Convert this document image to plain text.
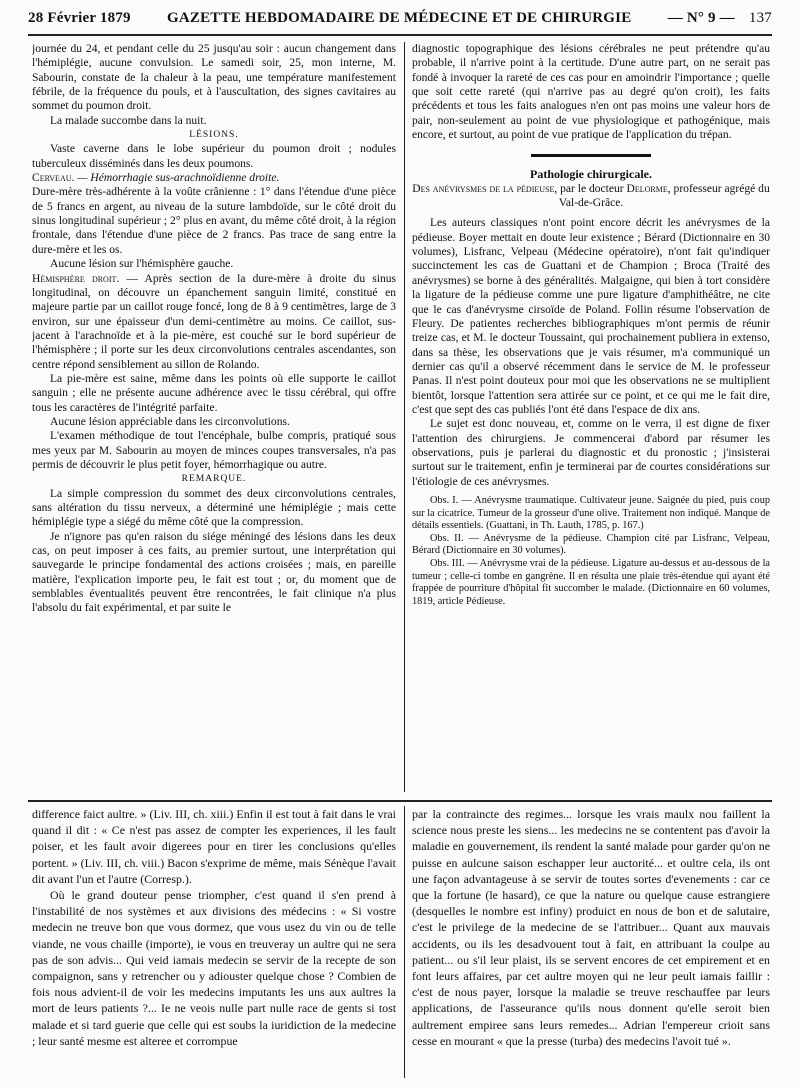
28 Février 1879 GAZETTE HEBDOMADAIRE DE MÉDECINE ET DE CHIRURGIE — N° 9 — 137

journée du 24, et pendant celle du 25 jusqu'au soir : aucun changement dans l'hémiplégie, aucune convulsion. Le samedi soir, 25, mon interne, M. Sabourin, constate de la chaleur à la peau, une température manifestement fébrile, de la fréquence du pouls, et à l'auscultation, des signes cavitaires au sommet du poumon droit.

La malade succombe dans la nuit.

LÉSIONS.

Vaste caverne dans le lobe supérieur du poumon droit ; nodules tuberculeux disséminés dans les deux poumons.

Cerveau. — Hémorrhagie sus-arachnoïdienne droite.

Dure-mère très-adhérente à la voûte crânienne : 1° dans l'étendue d'une pièce de 5 francs en argent, au niveau de la suture lambdoïde, sur le côté droit du sinus longitudinal supérieur ; 2° plus en avant, du même côté droit, à la région frontale, dans l'étendue d'une pièce de 2 francs. Pas trace de sang entre la dure-mère et les os.

Aucune lésion sur l'hémisphère gauche.

Hémisphère droit. — Après section de la dure-mère à droite du sinus longitudinal, on découvre un épanchement sanguin limité, constitué en majeure partie par un caillot rouge foncé, long de 8 à 9 centimètres, large de 3 environ, sur une épaisseur d'un demi-centimètre au moins. Ce caillot, sus-jacent à l'arachnoïde et à la pie-mère, est couché sur le bord supérieur de l'hémisphère ; il porte sur les deux circonvolutions centrales ascendantes, son centre répond sensiblement au sillon de Rolando.

La pie-mère est saine, même dans les points où elle supporte le caillot sanguin ; elle ne présente aucune adhérence avec le tissu cérébral, qui offre tous les caractères de l'intégrité parfaite.

Aucune lésion appréciable dans les circonvolutions.

L'examen méthodique de tout l'encéphale, bulbe compris, pratiqué sous mes yeux par M. Sabourin au moyen de minces coupes transversales, n'a pas permis de découvrir le plus petit foyer, hémorrhagique ou autre.

REMARQUE.

La simple compression du sommet des deux circonvolutions centrales, sans altération du tissu nerveux, a déterminé une hémiplégie ; mais cette hémiplégie type a siégé du même côté que la compression.

Je n'ignore pas qu'en raison du siége méningé des lésions dans les deux cas, on peut imposer à ces faits, au premier surtout, une interprétation qui sauvegarde le principe fondamental des actions croisées ; mais, en pareille matière, l'explication importe peu, le fait est tout ; or, du moment que de semblables éventualités peuvent être rencontrées, le fait clinique n'a plus l'absolu du fait expérimental, et par suite le

diagnostic topographique des lésions cérébrales ne peut prétendre qu'au probable, il n'arrive point à la certitude. D'une autre part, on ne serait pas fondé à invoquer la rareté de ces cas pour en amoindrir l'importance ; quelle que soit cette rareté (qui n'arrive pas au degré qu'on croit), les faits précédents et tous les faits analogues n'en ont pas moins une valeur hors de pair, non-seulement au point de vue physiologique et pathogénique, mais encore, et surtout, au point de vue pratique de l'application du trépan.

Pathologie chirurgicale.

Des anévrysmes de la pédieuse, par le docteur Delorme, professeur agrégé du Val-de-Grâce.

Les auteurs classiques n'ont point encore décrit les anévrysmes de la pédieuse. Boyer mettait en doute leur existence ; Bérard (Dictionnaire en 30 volumes), Lisfranc, Velpeau (Médecine opératoire), n'ont fait qu'indiquer succinctement les cas de Guattani et de Champion ; Broca (Traité des anévrysmes) se borne à des généralités. Malgaigne, qui bien à tort considère la ligature de la pédieuse comme une pure ligature d'amphithéâtre, ne cite que le cas d'anévrysme cirsoïde de Poland. Follin résume l'observation de Fleury. De patientes recherches bibliographiques m'ont permis de réunir treize cas, et M. le docteur Toussaint, qui prochainement publiera in extenso, dans sa thèse, les observations que je vais résumer, m'a communiqué un dernier cas qu'il a observé récemment dans le service de M. le professeur Panas. Il n'est point douteux pour moi que les observations ne se multiplient bientôt, lorsque l'attention sera attirée sur ce point, et ce qui me le fait dire, c'est que sept des cas publiés l'ont été dans l'espace de dix ans.

Le sujet est donc nouveau, et, comme on le verra, il est digne de fixer l'attention des chirurgiens. Je commencerai d'abord par résumer les observations, puis je parlerai du diagnostic et du pronostic ; j'insisterai surtout sur le traitement, enfin je terminerai par de courtes considérations sur l'étiologie de ces anévrysmes.

Obs. I. — Anévrysme traumatique. Cultivateur jeune. Saignée du pied, puis coup sur la cicatrice. Tumeur de la grosseur d'une olive. Traitement non indiqué. Manque de détails essentiels. (Guattani, in Th. Lauth, 1785, p. 167.)

Obs. II. — Anévrysme de la pédieuse. Champion cité par Lisfranc, Velpeau, Bérard (Dictionnaire en 30 volumes).

Obs. III. — Anévrysme vrai de la pédieuse. Ligature au-dessus et au-dessous de la tumeur ; celle-ci tombe en gangrène. Il en résulta une plaie très-étendue qui ayant été frappée de pourriture d'hôpital fit succomber le malade. (Dictionnaire en 60 volumes, 1819, article Pédieuse.

difference faict aultre. » (Liv. III, ch. xiii.) Enfin il est tout à fait dans le vrai quand il dit : « Ce n'est pas assez de compter les experiences, il les fault poiser, et les fault avoir digerees pour en tirer les conclusions qu'elles portent. » (Liv. III, ch. viii.) Bacon s'exprime de même, mais Sénèque l'avait dit avant l'un et l'autre (Corresp.).

Où le grand douteur pense triompher, c'est quand il s'en prend à l'instabilité de nos systèmes et aux divisions des médecins : « Si vostre medecin ne treuve bon que vous dormez, que vous usez du vin ou de telle viande, ne vous chaille (importe), ie vous en treuveray un aultre qui ne sera pas de son advis... Qui veid iamais medecin se servir de la recepte de son compaignon, sans y retrencher ou y adiouster quelque chose ? Combien de fois nous advient-il de voir les medecins imputants les uns aux aultres la mort de leurs patients ?... Ie ne veois nulle part nulle race de gents si tost malade et si tard guerie que celle qui est soubs la iuridiction de la medecine ; leur santé mesme est alteree et corrompue

par la contraincte des regimes... lorsque les vrais maulx nou faillent la science nous preste les siens... les medecins ne se contentent pas d'avoir la maladie en gouvernement, ils rendent la santé malade pour garder qu'on ne puisse en aulcune saison eschapper leur auctorité... et oultre cela, ils ont une façon advantageuse à se servir de toutes sortes d'evenements : car ce que la fortune (le hasard), ce que la nature ou quelque cause estrangiere (desquelles le nombre est infiny) produict en nous de bon et de salutaire, c'est le privilege de la medecine de se l'attribuer... Quant aux mauvais accidents, ou ils les desadvouent tout à fait, en attribuant la coulpe au patient... ou s'il leur plaist, ils se servent encores de cet empirement et en font leurs affaires, par cet aultre moyen qui ne leur peult iamais faillir : c'est de nous payer, lorsque la maladie se treuve reschauffee par leurs applications, de l'asseurance qu'ils nous donnent qu'elle seroit bien aultrement empiree sans leurs remedes... Adrian l'empereur crioit sans cesse en mourant « que la presse (turba) des medecins l'avoit tué ».
